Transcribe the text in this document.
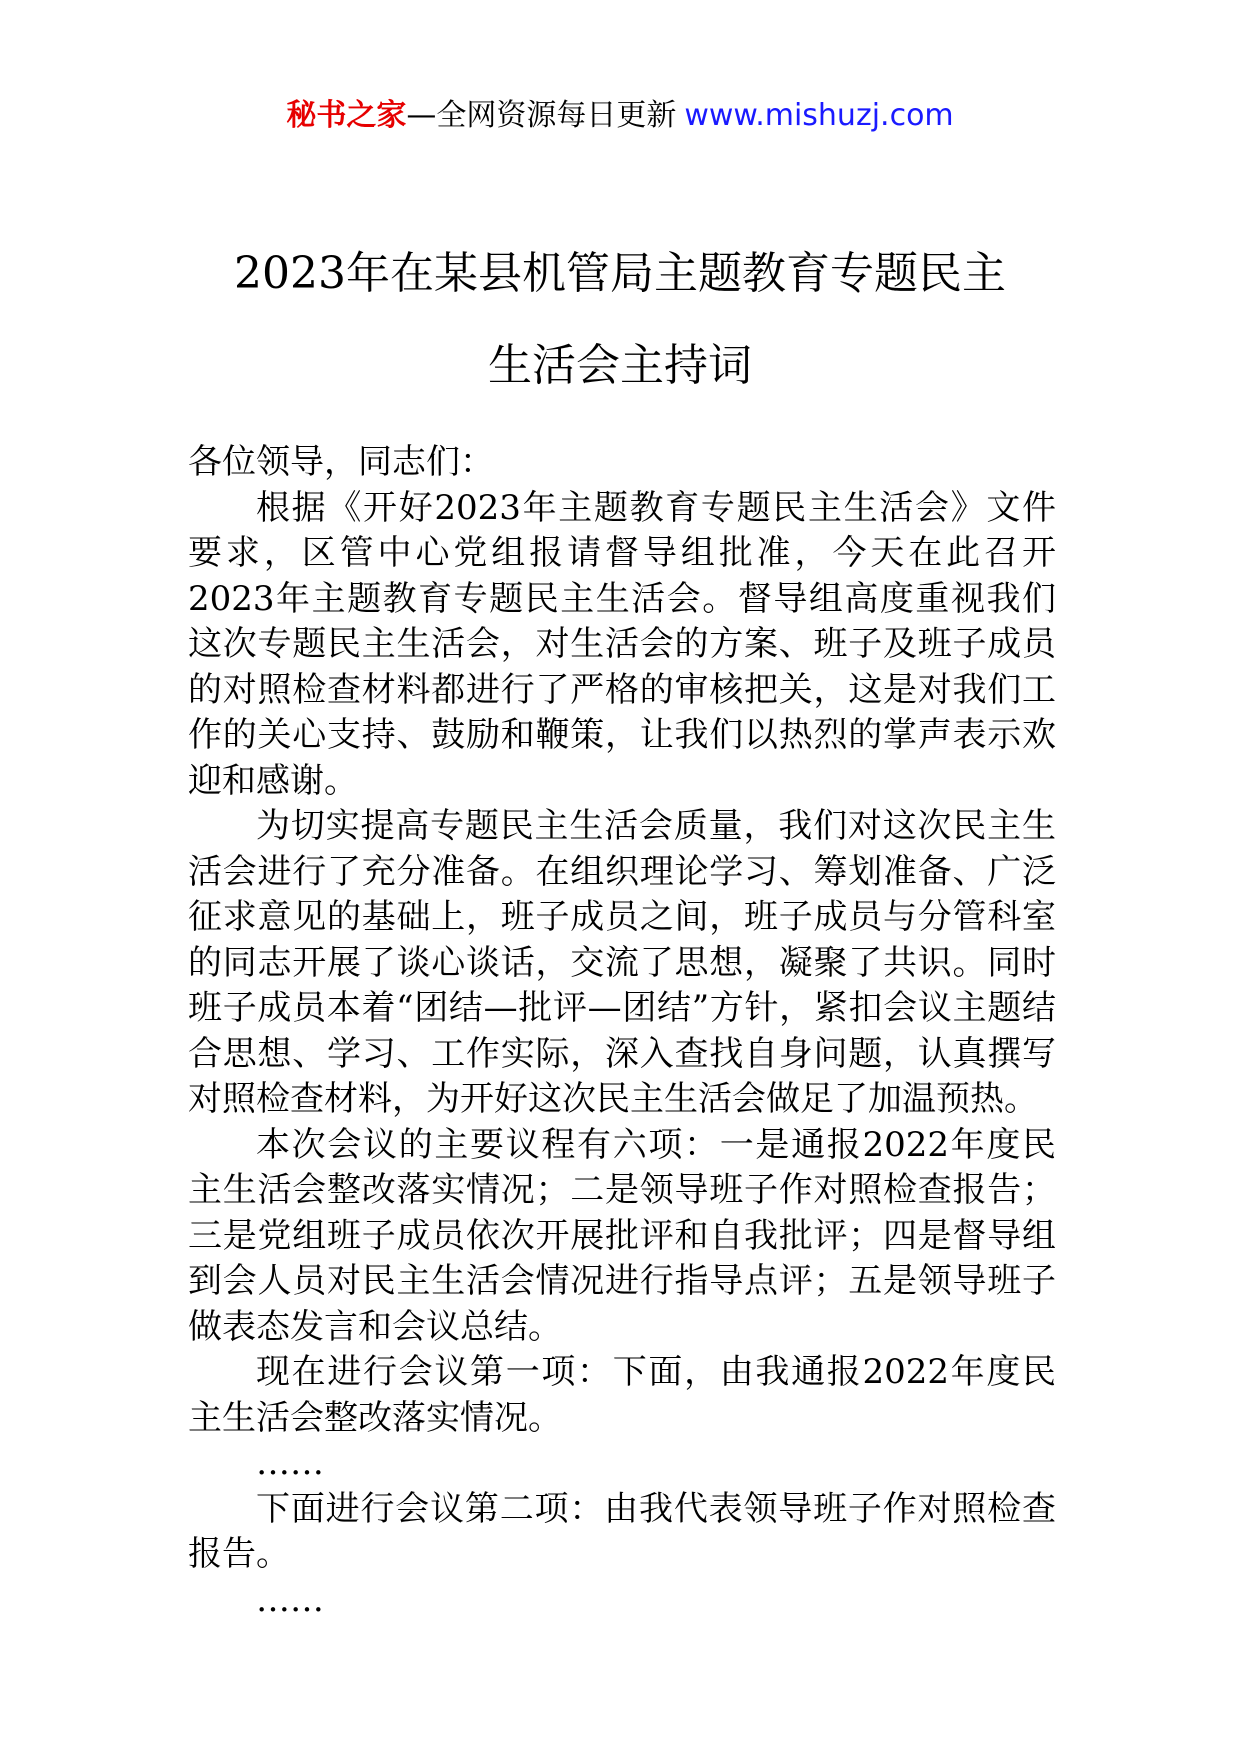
秘书之家—全网资源每日更新 www.mishuzj.com
2023年在某县机管局主题教育专题民主
生活会主持词

各位领导，同志们：

根据《开好2023年主题教育专题民主生活会》文件要求，区管中心党组报请督导组批准，今天在此召开2023年主题教育专题民主生活会。督导组高度重视我们这次专题民主生活会，对生活会的方案、班子及班子成员的对照检查材料都进行了严格的审核把关，这是对我们工作的关心支持、鼓励和鞭策，让我们以热烈的掌声表示欢迎和感谢。

为切实提高专题民主生活会质量，我们对这次民主生活会进行了充分准备。在组织理论学习、筹划准备、广泛征求意见的基础上，班子成员之间，班子成员与分管科室的同志开展了谈心谈话，交流了思想，凝聚了共识。同时班子成员本着“团结—批评—团结”方针，紧扣会议主题结合思想、学习、工作实际，深入查找自身问题，认真撰写对照检查材料，为开好这次民主生活会做足了加温预热。

本次会议的主要议程有六项：一是通报2022年度民主生活会整改落实情况；二是领导班子作对照检查报告；三是党组班子成员依次开展批评和自我批评；四是督导组到会人员对民主生活会情况进行指导点评；五是领导班子做表态发言和会议总结。

现在进行会议第一项：下面，由我通报2022年度民主生活会整改落实情况。

……

下面进行会议第二项：由我代表领导班子作对照检查报告。

……
